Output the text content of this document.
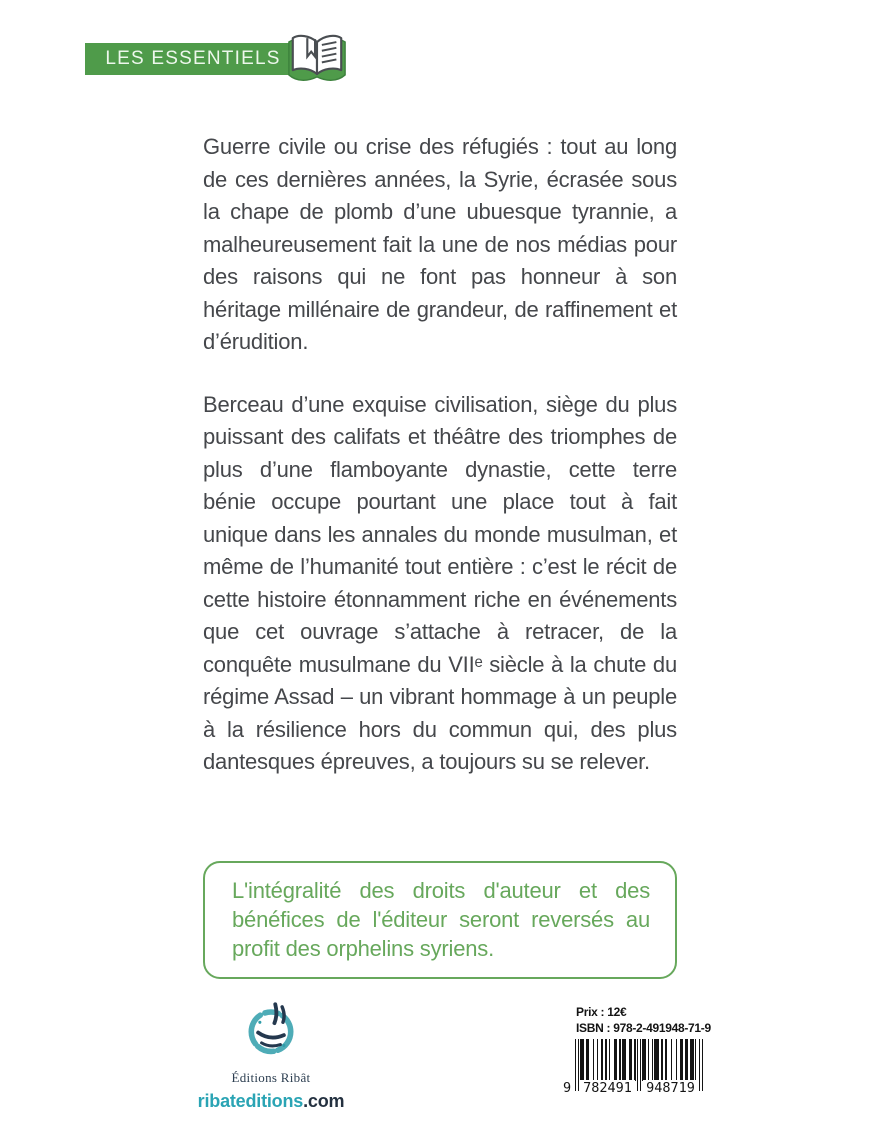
LES ESSENTIELS

Guerre civile ou crise des réfugiés : tout au long de ces dernières années, la Syrie, écrasée sous la chape de plomb d’une ubuesque tyrannie, a malheureusement fait la une de nos médias pour des raisons qui ne font pas honneur à son héritage millénaire de grandeur, de raffinement et d’érudition.

Berceau d’une exquise civilisation, siège du plus puissant des califats et théâtre des triomphes de plus d’une flamboyante dynastie, cette terre bénie occupe pourtant une place tout à fait unique dans les annales du monde musulman, et même de l’humanité tout entière : c’est le récit de cette histoire étonnamment riche en événements que cet ouvrage s’attache à retracer, de la conquête musulmane du VIIᵉ siècle à la chute du régime Assad – un vibrant hommage à un peuple à la résilience hors du commun qui, des plus dantesques épreuves, a toujours su se relever.

L'intégralité des droits d'auteur et des bénéfices de l'éditeur seront reversés au profit des orphelins syriens.
Éditions Ribât
ribateditions.com
Prix : 12€
ISBN : 978-2-491948-71-9
9 782491 948719
